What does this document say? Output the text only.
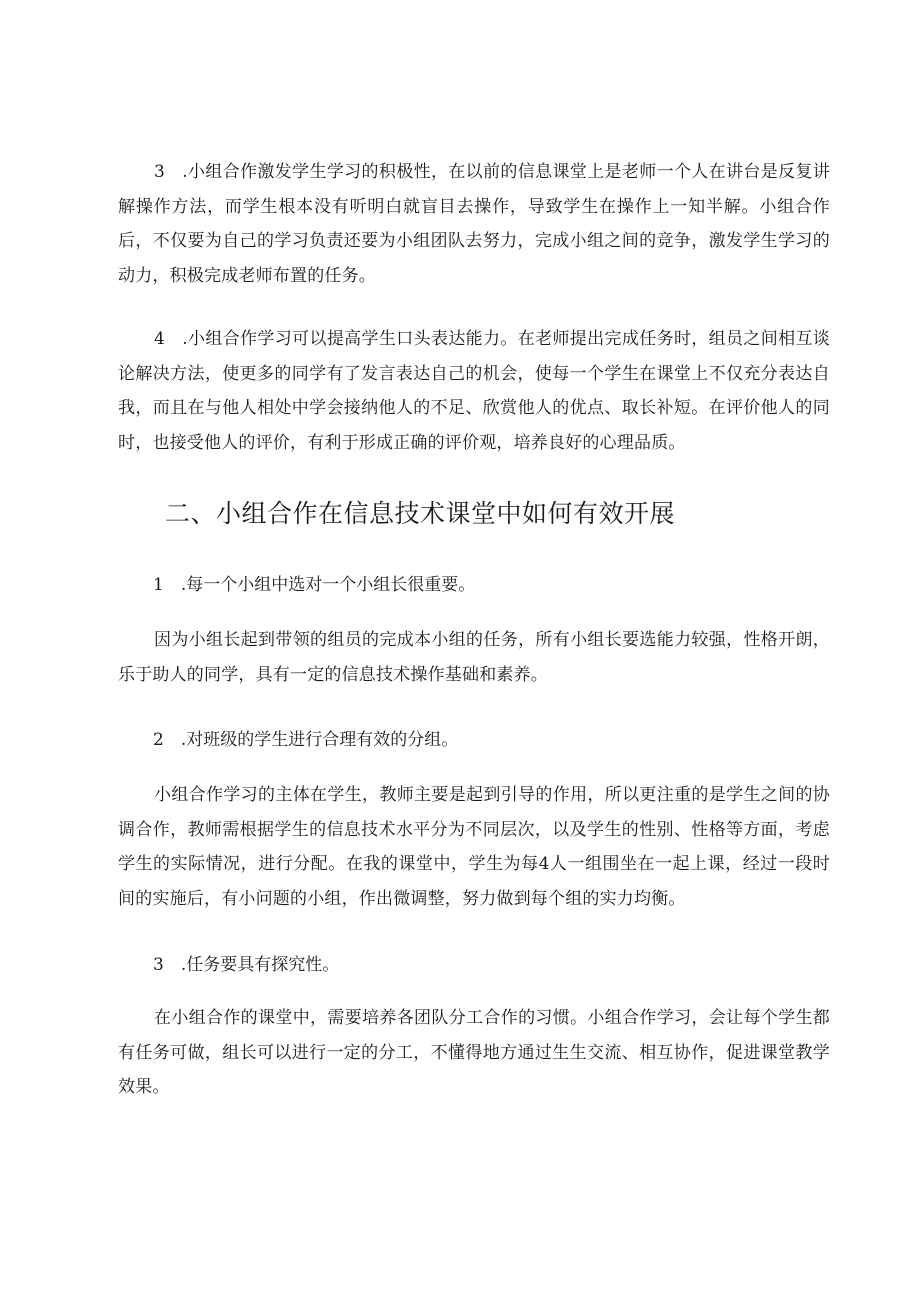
3 .小组合作激发学生学习的积极性，在以前的信息课堂上是老师一个人在讲台是反复讲解操作方法，而学生根本没有听明白就盲目去操作，导致学生在操作上一知半解。小组合作后，不仅要为自己的学习负责还要为小组团队去努力，完成小组之间的竞争，激发学生学习的动力，积极完成老师布置的任务。

4 .小组合作学习可以提高学生口头表达能力。在老师提出完成任务时，组员之间相互谈论解决方法，使更多的同学有了发言表达自己的机会，使每一个学生在课堂上不仅充分表达自我，而且在与他人相处中学会接纳他人的不足、欣赏他人的优点、取长补短。在评价他人的同时，也接受他人的评价，有利于形成正确的评价观，培养良好的心理品质。

二、小组合作在信息技术课堂中如何有效开展

1 .每一个小组中选对一个小组长很重要。

因为小组长起到带领的组员的完成本小组的任务，所有小组长要选能力较强，性格开朗，乐于助人的同学，具有一定的信息技术操作基础和素养。

2 .对班级的学生进行合理有效的分组。

小组合作学习的主体在学生，教师主要是起到引导的作用，所以更注重的是学生之间的协调合作，教师需根据学生的信息技术水平分为不同层次，以及学生的性别、性格等方面，考虑学生的实际情况，进行分配。在我的课堂中，学生为每4人一组围坐在一起上课，经过一段时间的实施后，有小问题的小组，作出微调整，努力做到每个组的实力均衡。

3 .任务要具有探究性。

在小组合作的课堂中，需要培养各团队分工合作的习惯。小组合作学习，会让每个学生都有任务可做，组长可以进行一定的分工，不懂得地方通过生生交流、相互协作，促进课堂教学效果。
